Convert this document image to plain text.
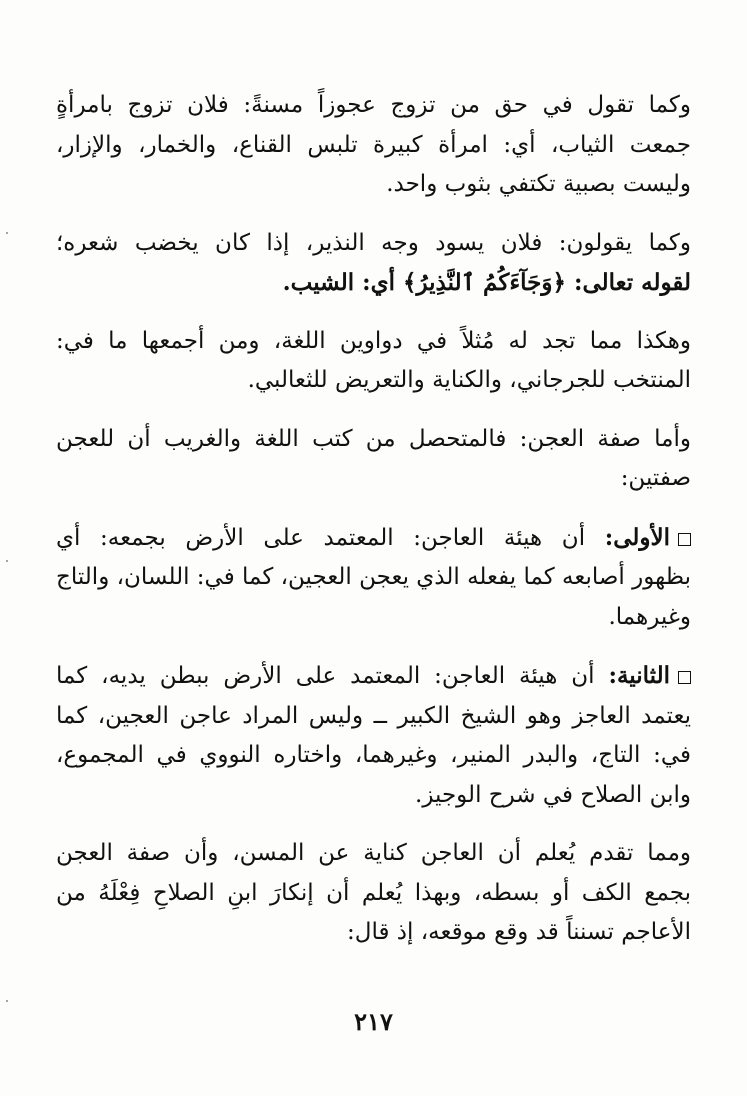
وكما تقول في حق من تزوج عجوزاً مسنةً: فلان تزوج بامرأةٍ
جمعت الثياب، أي: امرأة كبيرة تلبس القناع، والخمار، والإزار،
وليست بصبية تكتفي بثوب واحد.

وكما يقولون: فلان يسود وجه النذير، إذا كان يخضب شعره؛
لقوله تعالى: ﴿وَجَآءَكُمُ ٱلنَّذِيرُ﴾ أي: الشيب.

وهكذا مما تجد له مُثلاً في دواوين اللغة، ومن أجمعها ما في:
المنتخب للجرجاني، والكناية والتعريض للثعالبي.

وأما صفة العجن: فالمتحصل من كتب اللغة والغريب أن للعجن
صفتين:

الأولى: أن هيئة العاجن: المعتمد على الأرض بجمعه: أي
بظهور أصابعه كما يفعله الذي يعجن العجين، كما في: اللسان، والتاج
وغيرهما.

الثانية: أن هيئة العاجن: المعتمد على الأرض ببطن يديه، كما
يعتمد العاجز وهو الشيخ الكبير ــ وليس المراد عاجن العجين، كما
في: التاج، والبدر المنير، وغيرهما، واختاره النووي في المجموع،
وابن الصلاح في شرح الوجيز.

ومما تقدم يُعلم أن العاجن كناية عن المسن، وأن صفة العجن
بجمع الكف أو بسطه، وبهذا يُعلم أن إنكارَ ابنِ الصلاحِ فِعْلَهُ من
الأعاجم تسنناً قد وقع موقعه، إذ قال:

٢١٧
